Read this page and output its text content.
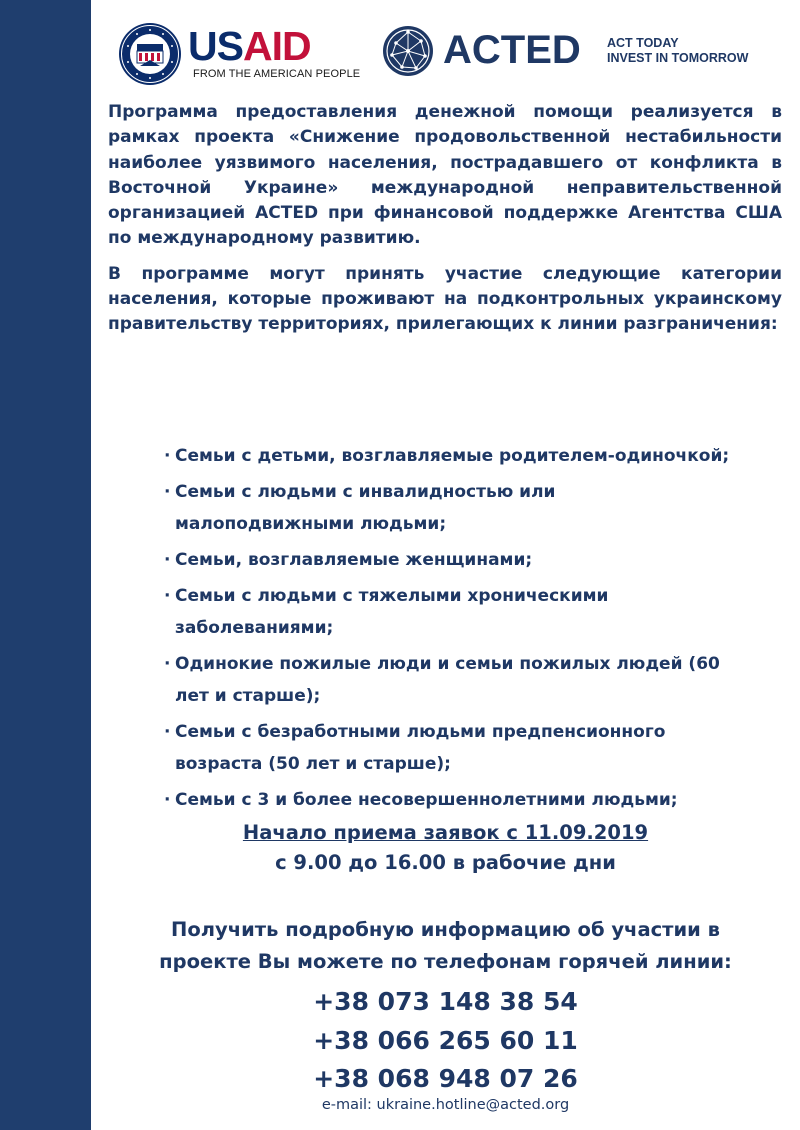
USAID
FROM THE AMERICAN PEOPLE
ACTED ACT TODAY
INVEST IN TOMORROW

Программа предоставления денежной помощи реализуется в рамках проекта «Снижение продовольственной нестабильности наиболее уязвимого населения, пострадавшего от конфликта в Восточной Украине» международной неправительственной организацией ACTED при финансовой поддержке Агентства США по международному развитию.

В программе могут принять участие следующие категории населения, которые проживают на подконтрольных украинскому правительству территориях, прилегающих к линии разграничения:

· Семьи с детьми, возглавляемые родителем-одиночкой;
· Семьи с людьми с инвалидностью или
малоподвижными людьми;
· Семьи, возглавляемые женщинами;
· Семьи с людьми с тяжелыми хроническими
заболеваниями;
· Одинокие пожилые люди и семьи пожилых людей (60
лет и старше);
· Семьи с безработными людьми предпенсионного
возраста (50 лет и старше);
· Семьи с 3 и более несовершеннолетними людьми;
Начало приема заявок с 11.09.2019
с 9.00 до 16.00 в рабочие дни
Получить подробную информацию об участии в
проекте Вы можете по телефонам горячей линии:
+38 073 148 38 54
+38 066 265 60 11
+38 068 948 07 26
e-mail: ukraine.hotline@acted.org
